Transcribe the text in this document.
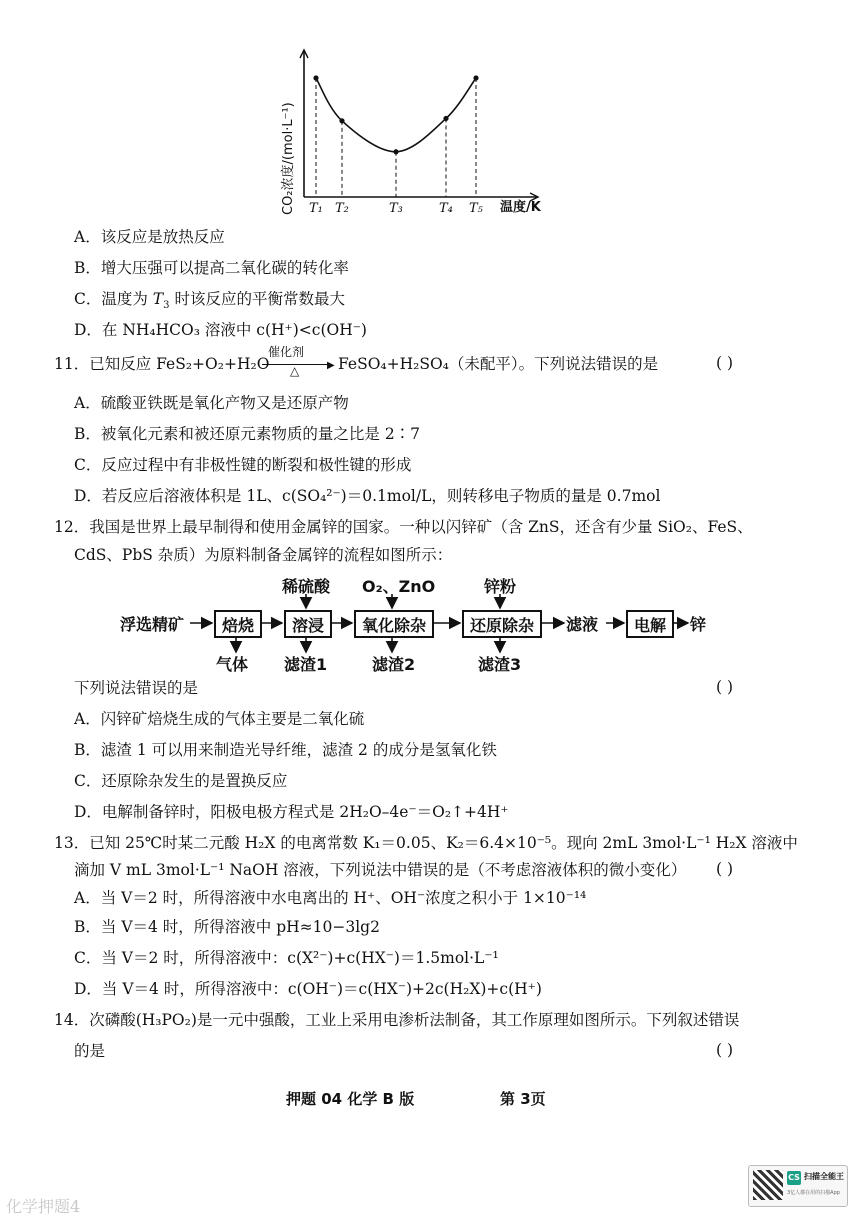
T₁ T₂	T₃	T₄ T₅
CO₂浓度/(mol·L⁻¹)	温度/K
A．该反应是放热反应
B．增大压强可以提高二氧化碳的转化率
C．温度为 $T_3$ 时该反应的平衡常数最大
D．在 NH₄HCO₃ 溶液中 c(H⁺)<c(OH⁻)
11．已知反应 FeS₂+O₂+H₂O
催化剂
▶
△	FeSO₄+H₂SO₄（未配平）。下列说法错误的是	( )
A．硫酸亚铁既是氧化产物又是还原产物
B．被氧化元素和被还原元素物质的量之比是 2∶7
C．反应过程中有非极性键的断裂和极性键的形成
D．若反应后溶液体积是 1L、c(SO₄²⁻)＝0.1mol/L，则转移电子物质的量是 0.7mol
12．我国是世界上最早制得和使用金属锌的国家。一种以闪锌矿（含 ZnS，还含有少量 SiO₂、FeS、
CdS、PbS 杂质）为原料制备金属锌的流程如图所示：
浮选精矿	焙烧	溶浸	氧化除杂	还原除杂	滤液	电解	锌
稀硫酸 O₂、ZnO	锌粉
气体 滤渣1	滤渣2	滤渣3
下列说法错误的是	( )
A．闪锌矿焙烧生成的气体主要是二氧化硫
B．滤渣 1 可以用来制造光导纤维，滤渣 2 的成分是氢氧化铁
C．还原除杂发生的是置换反应
D．电解制备锌时，阳极电极方程式是 2H₂O–4e⁻＝O₂↑+4H⁺
13．已知 25℃时某二元酸 H₂X 的电离常数 K₁＝0.05、K₂＝6.4×10⁻⁵。现向 2mL 3mol·L⁻¹ H₂X 溶液中
滴加 V mL 3mol·L⁻¹ NaOH 溶液，下列说法中错误的是（不考虑溶液体积的微小变化） ( )
A．当 V＝2 时，所得溶液中水电离出的 H⁺、OH⁻浓度之积小于 1×10⁻¹⁴
B．当 V＝4 时，所得溶液中 pH≈10−3lg2
C．当 V＝2 时，所得溶液中：c(X²⁻)+c(HX⁻)＝1.5mol·L⁻¹
D．当 V＝4 时，所得溶液中：c(OH⁻)＝c(HX⁻)+2c(H₂X)+c(H⁺)
14．次磷酸(H₃PO₂)是一元中强酸，工业上采用电渗析法制备，其工作原理如图所示。下列叙述错误
的是	( )
押题 04 化学 B 版	第 3页
化学押题4
CS 扫描全能王
3亿人都在用的扫描App
